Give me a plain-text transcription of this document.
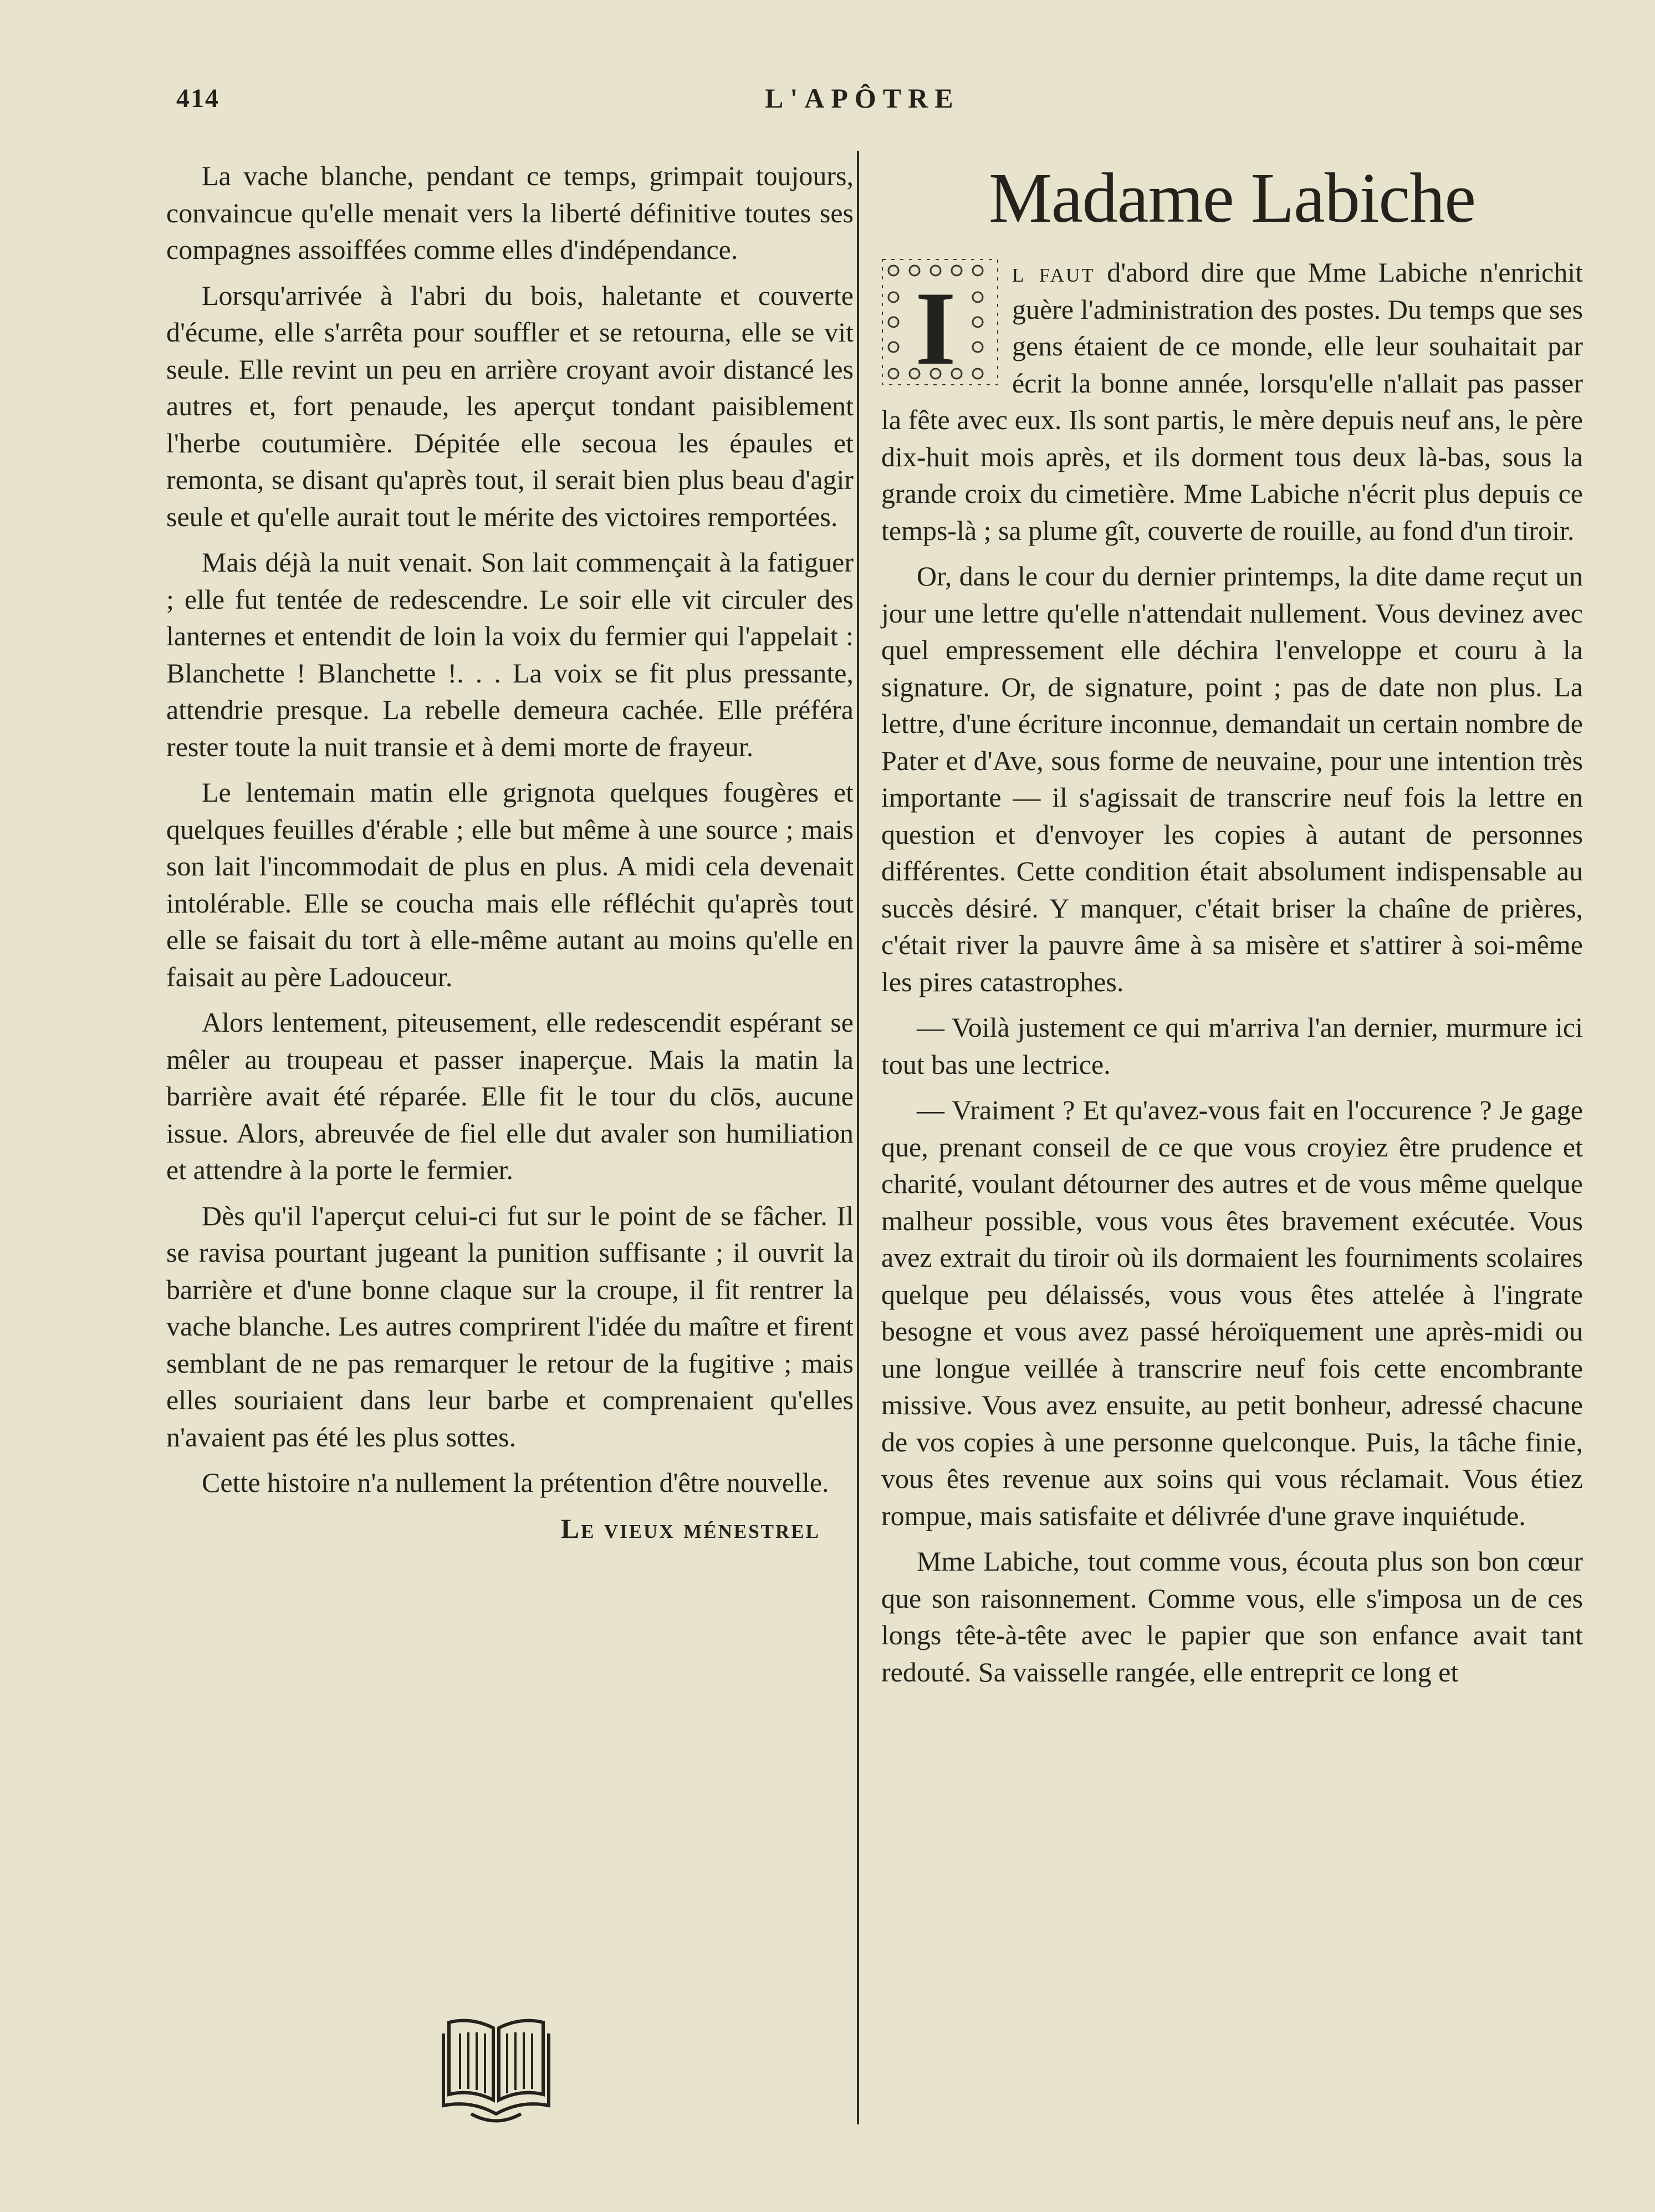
414	L'APÔTRE

La vache blanche, pendant ce temps, grimpait toujours, convaincue qu'elle menait vers la liberté définitive toutes ses compagnes assoiffées comme elles d'indépendance.

Lorsqu'arrivée à l'abri du bois, haletante et couverte d'écume, elle s'arrêta pour souffler et se retourna, elle se vit seule. Elle revint un peu en arrière croyant avoir distancé les autres et, fort penaude, les aperçut tondant paisiblement l'herbe coutumière. Dépitée elle secoua les épaules et remonta, se disant qu'après tout, il serait bien plus beau d'agir seule et qu'elle aurait tout le mérite des victoires remportées.

Mais déjà la nuit venait. Son lait commençait à la fatiguer ; elle fut tentée de redescendre. Le soir elle vit circuler des lanternes et entendit de loin la voix du fermier qui l'appelait : Blanchette ! Blanchette !. . . La voix se fit plus pressante, attendrie presque. La rebelle demeura cachée. Elle préféra rester toute la nuit transie et à demi morte de frayeur.

Le lentemain matin elle grignota quelques fougères et quelques feuilles d'érable ; elle but même à une source ; mais son lait l'incommodait de plus en plus. A midi cela devenait intolérable. Elle se coucha mais elle réfléchit qu'après tout elle se faisait du tort à elle-même autant au moins qu'elle en faisait au père Ladouceur.

Alors lentement, piteusement, elle redescendit espérant se mêler au troupeau et passer inaperçue. Mais la matin la barrière avait été réparée. Elle fit le tour du clōs, aucune issue. Alors, abreuvée de fiel elle dut avaler son humiliation et attendre à la porte le fermier.

Dès qu'il l'aperçut celui-ci fut sur le point de se fâcher. Il se ravisa pourtant jugeant la punition suffisante ; il ouvrit la barrière et d'une bonne claque sur la croupe, il fit rentrer la vache blanche. Les autres comprirent l'idée du maître et firent semblant de ne pas remarquer le retour de la fugitive ; mais elles souriaient dans leur barbe et comprenaient qu'elles n'avaient pas été les plus sottes.

Cette histoire n'a nullement la prétention d'être nouvelle.

Le vieux ménestrel
Madame Labiche

I l faut d'abord dire que Mme Labiche n'enrichit guère l'administration des postes. Du temps que ses gens étaient de ce monde, elle leur souhaitait par écrit la bonne année, lorsqu'elle n'allait pas passer la fête avec eux. Ils sont partis, le mère depuis neuf ans, le père dix-huit mois après, et ils dorment tous deux là-bas, sous la grande croix du cimetière. Mme Labiche n'écrit plus depuis ce temps-là ; sa plume gît, couverte de rouille, au fond d'un tiroir.

Or, dans le cour du dernier printemps, la dite dame reçut un jour une lettre qu'elle n'attendait nullement. Vous devinez avec quel empressement elle déchira l'enveloppe et couru à la signature. Or, de signature, point ; pas de date non plus. La lettre, d'une écriture inconnue, demandait un certain nombre de Pater et d'Ave, sous forme de neuvaine, pour une intention très importante — il s'agissait de transcrire neuf fois la lettre en question et d'envoyer les copies à autant de personnes différentes. Cette condition était absolument indispensable au succès désiré. Y manquer, c'était briser la chaîne de prières, c'était river la pauvre âme à sa misère et s'attirer à soi-même les pires catastrophes.

— Voilà justement ce qui m'arriva l'an dernier, murmure ici tout bas une lectrice.

— Vraiment ? Et qu'avez-vous fait en l'occurence ? Je gage que, prenant conseil de ce que vous croyiez être prudence et charité, voulant détourner des autres et de vous même quelque malheur possible, vous vous êtes bravement exécutée. Vous avez extrait du tiroir où ils dormaient les fourniments scolaires quelque peu délaissés, vous vous êtes attelée à l'ingrate besogne et vous avez passé héroïquement une après-midi ou une longue veillée à transcrire neuf fois cette encombrante missive. Vous avez ensuite, au petit bonheur, adressé chacune de vos copies à une personne quelconque. Puis, la tâche finie, vous êtes revenue aux soins qui vous réclamait. Vous étiez rompue, mais satisfaite et délivrée d'une grave inquiétude.

Mme Labiche, tout comme vous, écouta plus son bon cœur que son raisonnement. Comme vous, elle s'imposa un de ces longs tête-à-tête avec le papier que son enfance avait tant redouté. Sa vaisselle rangée, elle entreprit ce long et
